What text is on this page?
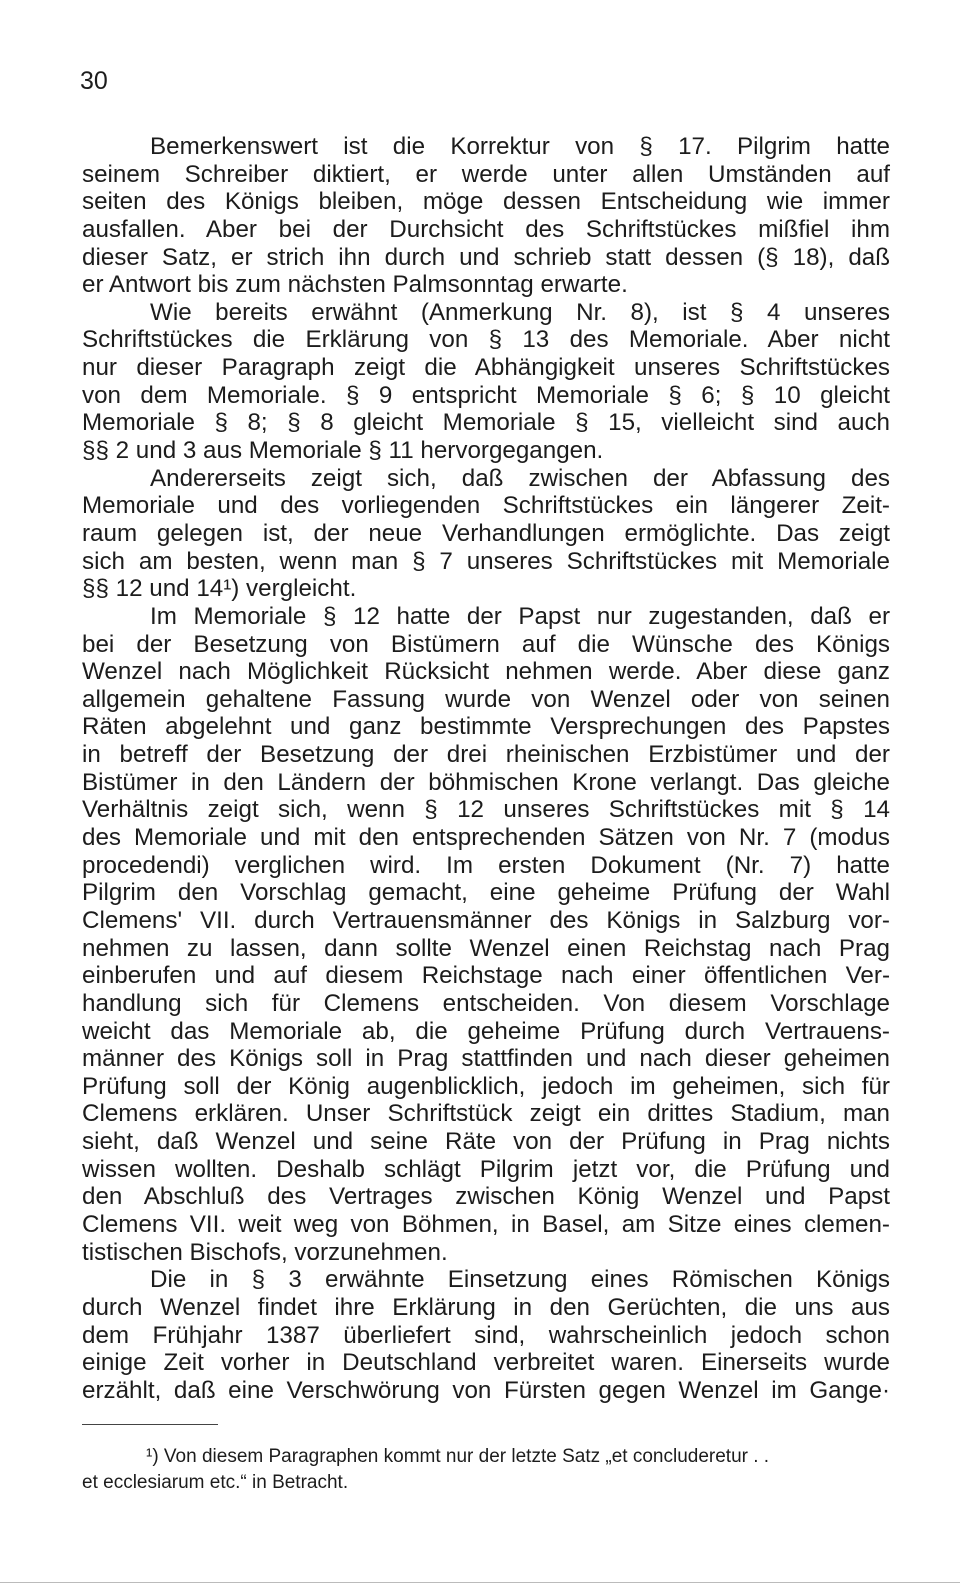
30

Bemerkenswert ist die Korrektur von § 17. Pilgrim hatte
seinem Schreiber diktiert, er werde unter allen Umständen auf
seiten des Königs bleiben, möge dessen Entscheidung wie immer
ausfallen. Aber bei der Durchsicht des Schriftstückes mißfiel ihm
dieser Satz, er strich ihn durch und schrieb statt dessen (§ 18), daß
er Antwort bis zum nächsten Palmsonntag erwarte.

Wie bereits erwähnt (Anmerkung Nr. 8), ist § 4 unseres
Schriftstückes die Erklärung von § 13 des Memoriale. Aber nicht
nur dieser Paragraph zeigt die Abhängigkeit unseres Schriftstückes
von dem Memoriale. § 9 entspricht Memoriale § 6; § 10 gleicht
Memoriale § 8; § 8 gleicht Memoriale § 15, vielleicht sind auch
§§ 2 und 3 aus Memoriale § 11 hervorgegangen.

Andererseits zeigt sich, daß zwischen der Abfassung des
Memoriale und des vorliegenden Schriftstückes ein längerer Zeit-
raum gelegen ist, der neue Verhandlungen ermöglichte. Das zeigt
sich am besten, wenn man § 7 unseres Schriftstückes mit Memoriale
§§ 12 und 14¹) vergleicht.

Im Memoriale § 12 hatte der Papst nur zugestanden, daß er
bei der Besetzung von Bistümern auf die Wünsche des Königs
Wenzel nach Möglichkeit Rücksicht nehmen werde. Aber diese ganz
allgemein gehaltene Fassung wurde von Wenzel oder von seinen
Räten abgelehnt und ganz bestimmte Versprechungen des Papstes
in betreff der Besetzung der drei rheinischen Erzbistümer und der
Bistümer in den Ländern der böhmischen Krone verlangt. Das gleiche
Verhältnis zeigt sich, wenn § 12 unseres Schriftstückes mit § 14
des Memoriale und mit den entsprechenden Sätzen von Nr. 7 (modus
procedendi) verglichen wird. Im ersten Dokument (Nr. 7) hatte
Pilgrim den Vorschlag gemacht, eine geheime Prüfung der Wahl
Clemens' VII. durch Vertrauensmänner des Königs in Salzburg vor-
nehmen zu lassen, dann sollte Wenzel einen Reichstag nach Prag
einberufen und auf diesem Reichstage nach einer öffentlichen Ver-
handlung sich für Clemens entscheiden. Von diesem Vorschlage
weicht das Memoriale ab, die geheime Prüfung durch Vertrauens-
männer des Königs soll in Prag stattfinden und nach dieser geheimen
Prüfung soll der König augenblicklich, jedoch im geheimen, sich für
Clemens erklären. Unser Schriftstück zeigt ein drittes Stadium, man
sieht, daß Wenzel und seine Räte von der Prüfung in Prag nichts
wissen wollten. Deshalb schlägt Pilgrim jetzt vor, die Prüfung und
den Abschluß des Vertrages zwischen König Wenzel und Papst
Clemens VII. weit weg von Böhmen, in Basel, am Sitze eines clemen-
tistischen Bischofs, vorzunehmen.

Die in § 3 erwähnte Einsetzung eines Römischen Königs
durch Wenzel findet ihre Erklärung in den Gerüchten, die uns aus
dem Frühjahr 1387 überliefert sind, wahrscheinlich jedoch schon
einige Zeit vorher in Deutschland verbreitet waren. Einerseits wurde
erzählt, daß eine Verschwörung von Fürsten gegen Wenzel im Gange·

¹) Von diesem Paragraphen kommt nur der letzte Satz „et concluderetur . .
et ecclesiarum etc.“ in Betracht.
